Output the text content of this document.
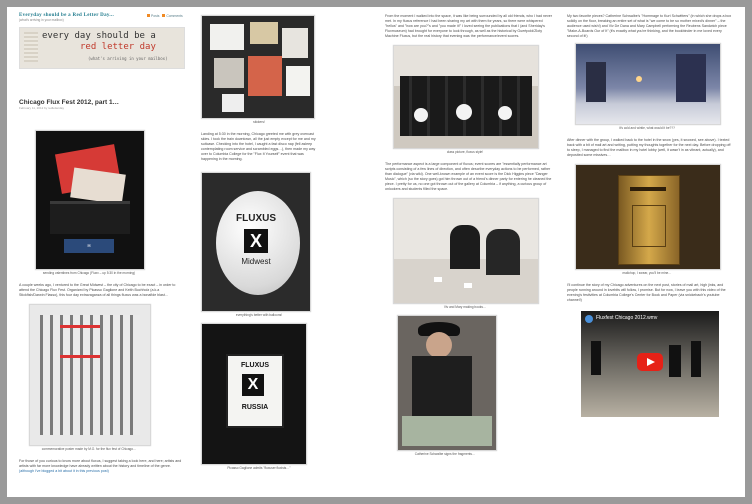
Everyday should be a Red Letter Day...
(what's arriving in your mailbox)
Posts Comments
every day should be a
red letter day
(what's arriving in your mailbox)
Chicago Flux Fest 2012, part 1…
February 11, 2012 by redletterday
✉
sending valentines from Chicago (Fluxx – up 5:30 in the morning)

A couple weeks ago, I ventured to the Great Midwest – the city of Chicago to be exact – in order to attend the Chicago Flux Fest. Organized by Picasso Gaglione and Keith Buchholz (a.k.a Stickfish/Darwin Flasso), this four day extravaganza of all things fluxus was a bonafide blast…

commemorative poster made by M.O. for the flux fest of Chicago…

For those of you curious to know more about fluxus, I suggest taking a look here, and here; artists and artists with far more knowledge have already written about the history and timeline of the genre. (although I've blogged a bit about it in this previous post)

stickers!

Landing at 5:30 in the morning, Chicago greeted me with grey overcast skies. I took the train downtown, all the just empty except for me and my suitcase. Checking into the hotel, I caught a fast disco nap (fell asleep contemplating room service and scrambled eggs…), then made my way over to Columbia College for the "Flux It Yourself" event that was happening in the morning.

FLUXUS
X
Midwest
everything's better with balloons!
FLUXUS
X
RUSSIA
Picasso Gaglione admits "fluxuser fluxists…"

From the moment I walked into the space, it was like being surrounded by all old friends, who I had never met. In my fluxus reference I had been sharing my art with them for years, so there were whispered "hellos" and "how are you?"s and "you made it!" I loved seeing the publications that I (and Sheriday's Fluxmuseum) had brought for everyone to look through, as well as the historical by Guertpold/Zloty Machine Fluxus, but the real history that evening was the performance/event scores.

class picture, fluxus style!

The performance aspect is a large component of fluxus; event scores are "essentially performance art scripts consisting of a few lines of direction, and often describe everyday actions to be performed, rather than dialogue" (via wiki). One well-known example of an event score is the Dick Higgins piece "Danger Music", which (so the story goes) got him thrown out of a friend's dinner party for entering he cleaned the piece. I pretty for us, no one got thrown out of the gallery at Columbia – if anything, a curious group of onlookers and students filled the space.

Viv and Mary making books…
Catherine Schwalbe signs the fragments…

My two favorite pieces? Catherine Schwalbe's "Hommage to Kurt Schwitters" (in which she drops a box solidly on the floor, breaking an entire set of what is "we come to be so mother mixed's dinner" – the audience used wish!) and Viv De Dana and Mary Campbell performing the Reubens Sandwich piece "Make-A-Boards Our of It" (it's exactly what you're thinking, and the bookbinder in me loved every second of it!)

it's cold and wintie, what would it be???

After dinner with the group, I walked back to the hotel in the snow (yes, it snowed, see above). I texted back with a bit of mail art and writing, putting my thoughts together for the next day. Before dropping off to sleep, I managed to find the mailbox in my hotel lobby (well, it wasn't in as vibrant, actually), and deposited some missives…

mailchop, I swear, you'll be mine…

I'll continue the story of my Chicago adventures on the next post, stories of mail art, high jinks, and people running around in lovebits will follow, I promise. But for now, I leave you with this video of the evening's festivities at Columbia College's Center for Book and Paper (via snickebach's youtube channel!)

Fluxfest Chicago 2012.wmv
